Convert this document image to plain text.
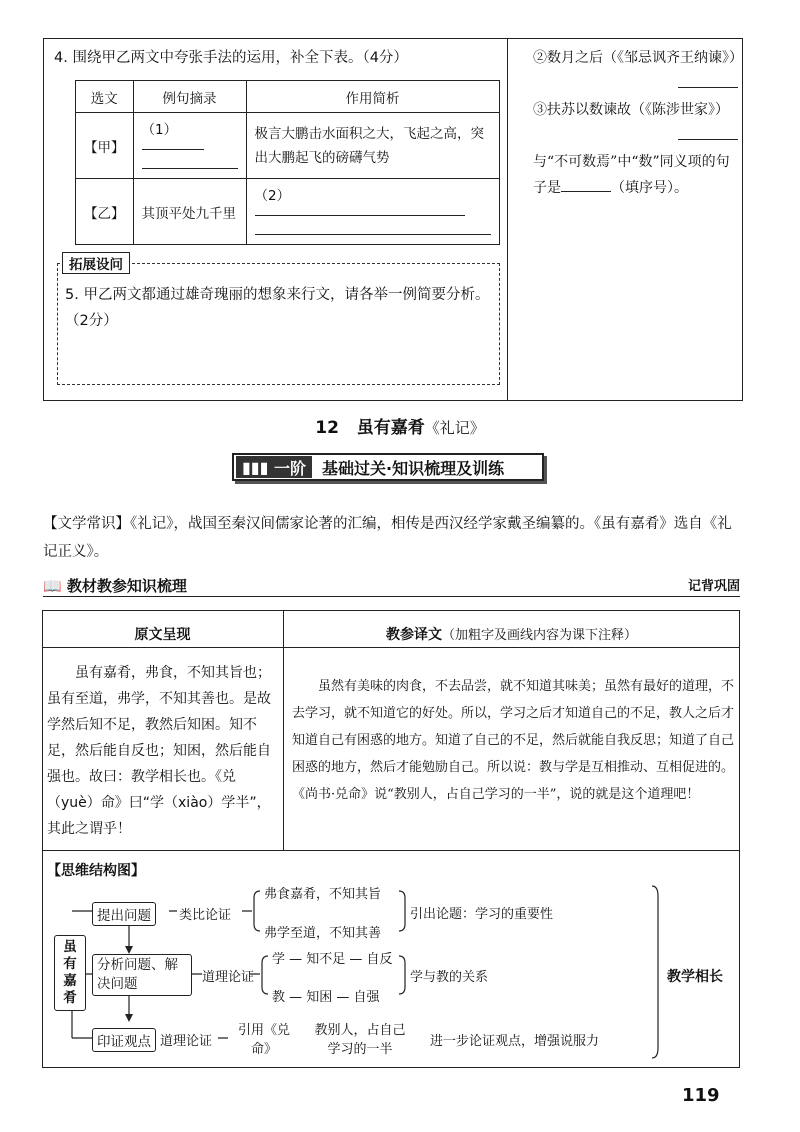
4. 围绕甲乙两文中夸张手法的运用，补全下表。（4分）
选文	例句摘录	作用简析
【甲】	（1）	极言大鹏击水面积之大，飞起之高，突出大鹏起飞的磅礴气势
【乙】	其顶平处九千里	（2）

拓展设问
5. 甲乙两文都通过雄奇瑰丽的想象来行文，请各举一例简要分析。（2分）
②数月之后（《邹忌讽齐王纳谏》）
③扶苏以数谏故（《陈涉世家》）
与“不可数焉”中“数”同义项的句子是	（填序号）。
12 虽有嘉肴《礼记》
▮▮▮
一阶 基础过关·知识梳理及训练
【文学常识】《礼记》，战国至秦汉间儒家论著的汇编，相传是西汉经学家戴圣编纂的。《虽有嘉肴》选自《礼记正义》。
📖 教材教参知识梳理	记背巩固
原文呈现	教参译文（加粗字及画线内容为课下注释）
虽有嘉肴，弗食，不知其旨也；虽有至道，弗学，不知其善也。是故学然后知不足，教然后知困。知不足，然后能自反也；知困，然后能自强也。故曰：教学相长也。《兑（yuè）命》曰“学（xiào）学半”，其此之谓乎！
虽然有美味的肉食，不去品尝，就不知道其味美；虽然有最好的道理，不去学习，就不知道它的好处。所以，学习之后才知道自己的不足，教人之后才知道自己有困惑的地方。知道了自己的不足，然后就能自我反思；知道了自己困惑的地方，然后才能勉励自己。所以说：教与学是互相推动、互相促进的。《尚书·兑命》说“教别人，占自己学习的一半”，说的就是这个道理吧！
【思维结构图】
虽有嘉肴
提出问题	类比论证
弗食嘉肴，不知其旨
弗学至道，不知其善
引出论题：学习的重要性
分析问题、解决问题	道理论证
学 — 知不足 — 自反
教 — 知困 — 自强
学与教的关系
印证观点 道理论证
引用《兑命》
教别人，占自己学习的一半
进一步论证观点，增强说服力
教学相长
119
